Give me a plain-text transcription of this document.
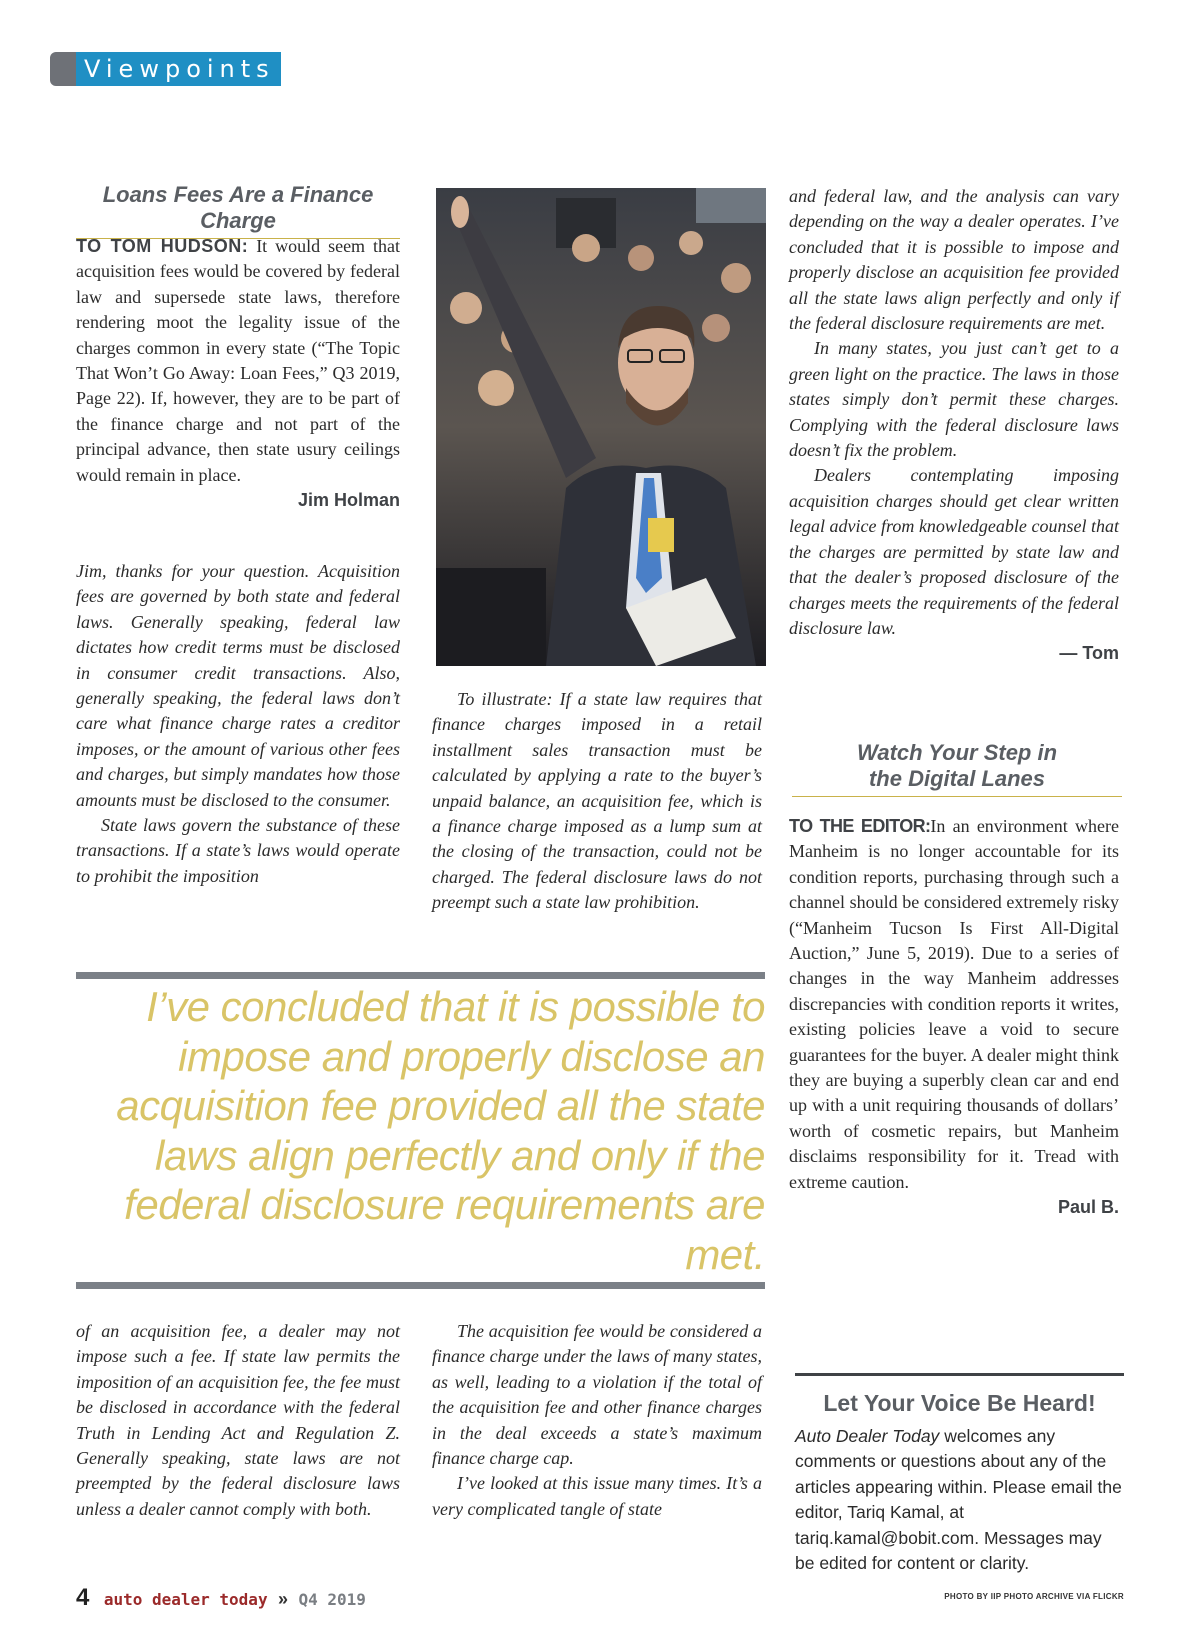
Viewpoints
Loans Fees Are a Finance Charge

TO TOM HUDSON: It would seem that acquisition fees would be covered by federal law and supersede state laws, therefore rendering moot the legality issue of the charges common in every state (“The Topic That Won’t Go Away: Loan Fees,” Q3 2019, Page 22). If, however, they are to be part of the finance charge and not part of the principal advance, then state usury ceilings would remain in place.

Jim Holman

Jim, thanks for your question. Acquisition fees are governed by both state and federal laws. Generally speaking, federal law dictates how credit terms must be disclosed in consumer credit transactions. Also, generally speaking, the federal laws don’t care what finance charge rates a creditor imposes, or the amount of various other fees and charges, but simply mandates how those amounts must be disclosed to the consumer.

State laws govern the substance of these transactions. If a state’s laws would operate to prohibit the imposition

To illustrate: If a state law requires that finance charges imposed in a retail installment sales transaction must be calculated by applying a rate to the buyer’s unpaid balance, an acquisition fee, which is a finance charge imposed as a lump sum at the closing of the transaction, could not be charged. The federal disclosure laws do not preempt such a state law prohibition.

and federal law, and the analysis can vary depending on the way a dealer operates. I’ve concluded that it is possible to impose and properly disclose an acquisition fee provided all the state laws align perfectly and only if the federal disclosure requirements are met.

In many states, you just can’t get to a green light on the practice. The laws in those states simply don’t permit these charges. Complying with the federal disclosure laws doesn’t fix the problem.

Dealers contemplating imposing acquisition charges should get clear written legal advice from knowledgeable counsel that the charges are permitted by state law and that the dealer’s proposed disclosure of the charges meets the requirements of the federal disclosure law.

— Tom
I’ve concluded that it is possible to impose and properly disclose an acquisition fee provided all the state laws align perfectly and only if the federal disclosure requirements are met.
Watch Your Step in
the Digital Lanes

TO THE EDITOR:In an environment where Manheim is no longer accountable for its condition reports, purchasing through such a channel should be considered extremely risky (“Manheim Tucson Is First All-Digital Auction,” June 5, 2019). Due to a series of changes in the way Manheim addresses discrepancies with condition reports it writes, existing policies leave a void to secure guarantees for the buyer. A dealer might think they are buying a superbly clean car and end up with a unit requiring thousands of dollars’ worth of cosmetic repairs, but Manheim disclaims responsibility for it. Tread with extreme caution.

Paul B.

of an acquisition fee, a dealer may not impose such a fee. If state law permits the imposition of an acquisition fee, the fee must be disclosed in accordance with the federal Truth in Lending Act and Regulation Z. Generally speaking, state laws are not preempted by the federal disclosure laws unless a dealer cannot comply with both.

The acquisition fee would be considered a finance charge under the laws of many states, as well, leading to a violation if the total of the acquisition fee and other finance charges in the deal exceeds a state’s maximum finance charge cap.

I’ve looked at this issue many times. It’s a very complicated tangle of state

Let Your Voice Be Heard!
Auto Dealer Today welcomes any comments or questions about any of the articles appearing within. Please email the editor, Tariq Kamal, at tariq.kamal@bobit.com. Messages may be edited for content or clarity.
4 auto dealer today » Q4 2019	PHOTO BY IIP PHOTO ARCHIVE VIA FLICKR
